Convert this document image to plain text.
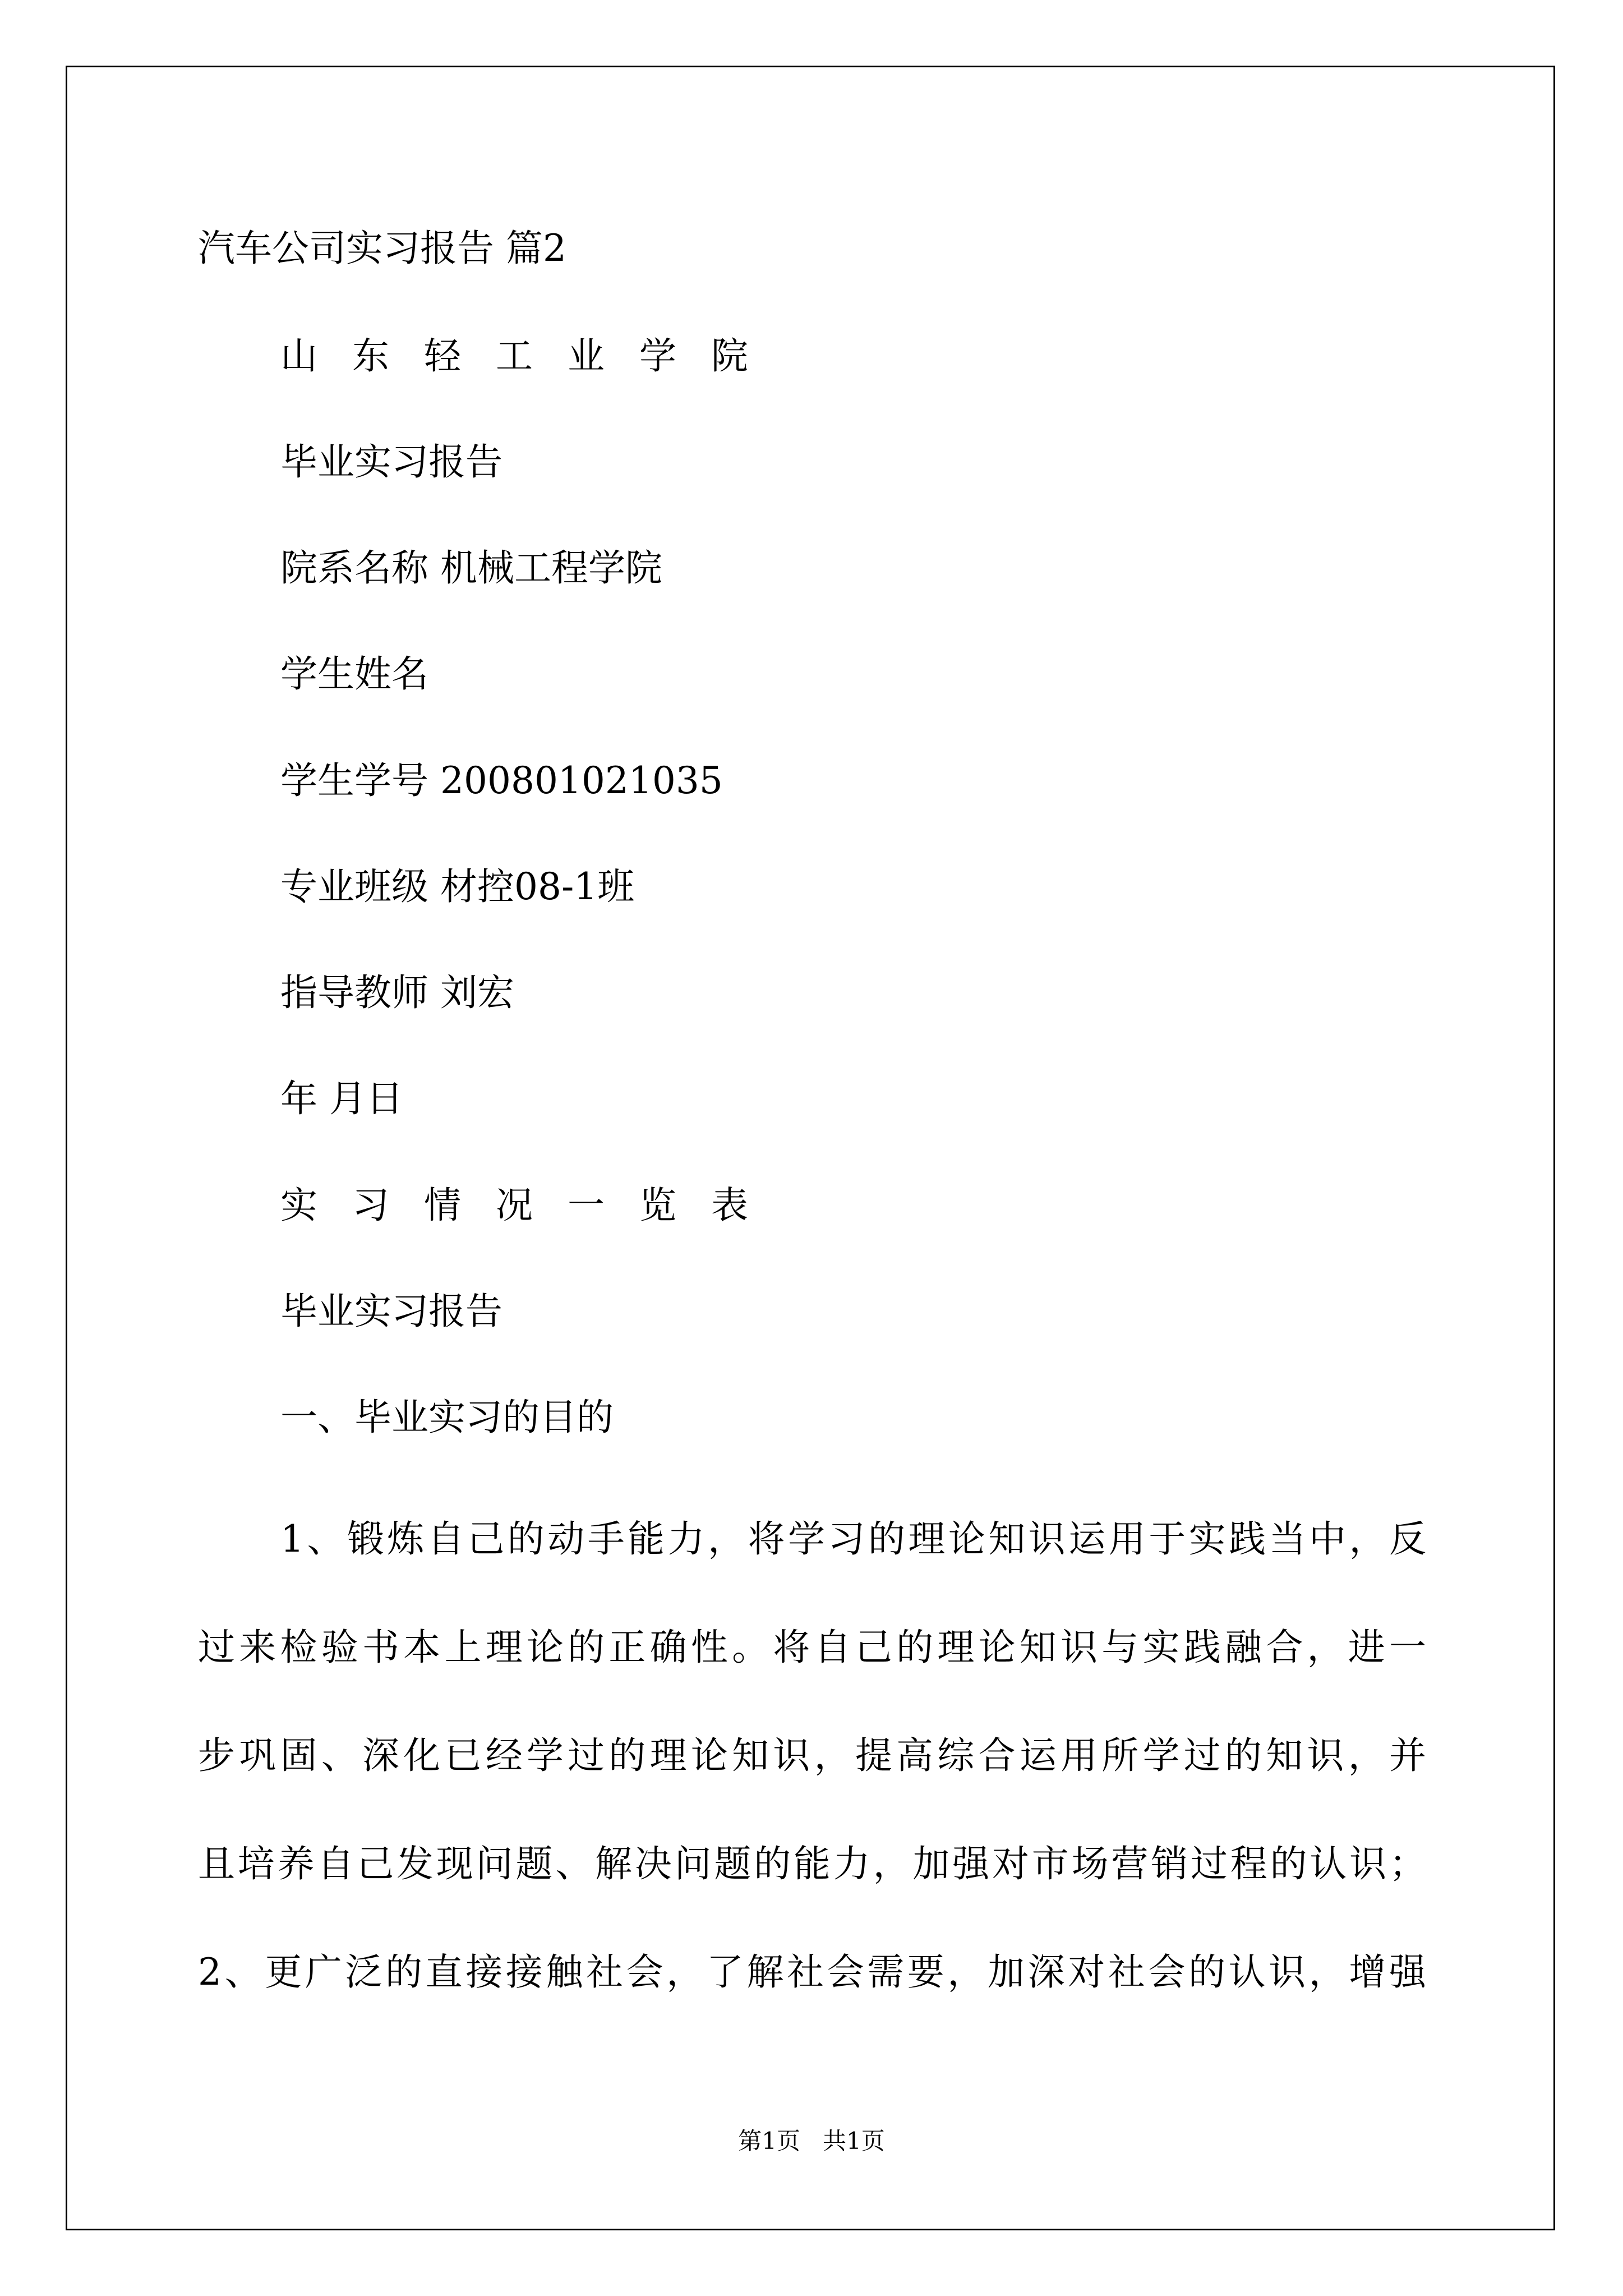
汽车公司实习报告 篇2
山东轻工业学院
毕业实习报告
院系名称 机械工程学院
学生姓名
学生学号 200801021035
专业班级 材控08-1班
指导教师 刘宏
年 月日
实习情况一览表
毕业实习报告
一、毕业实习的目的
1、锻炼自己的动手能力，将学习的理论知识运用于实践当中，反
过来检验书本上理论的正确性。将自己的理论知识与实践融合，进一
步巩固、深化已经学过的理论知识，提高综合运用所学过的知识，并
且培养自己发现问题、解决问题的能力，加强对市场营销过程的认识；
2、更广泛的直接接触社会，了解社会需要，加深对社会的认识，增强
第1页   共1页
